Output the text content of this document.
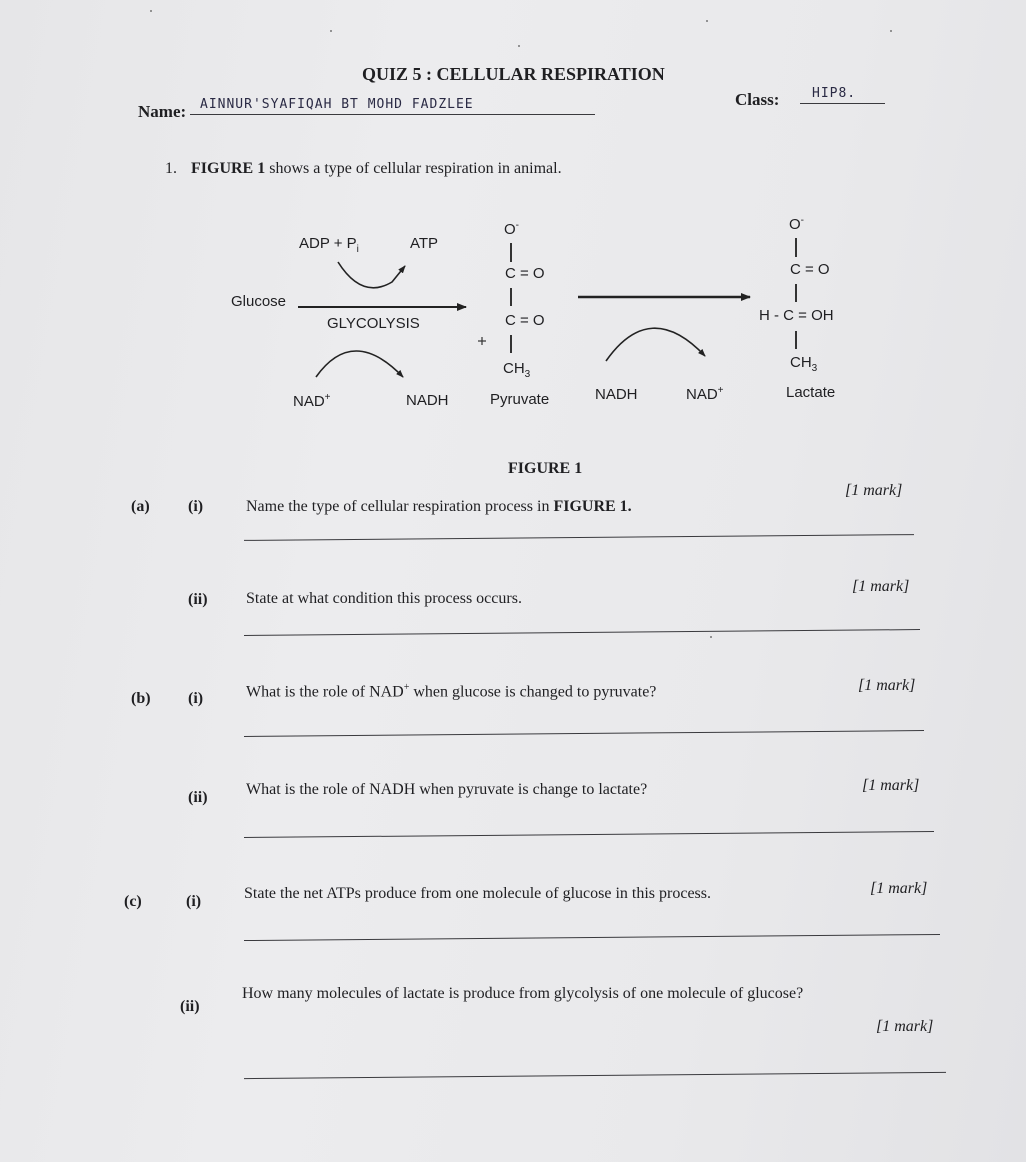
QUIZ 5 : CELLULAR RESPIRATION
Name: AINNUR'SYAFIQAH BT MOHD FADZLEE	Class:	HIP8.
1. FIGURE 1 shows a type of cellular respiration in animal.
ADP + $P_i$	ATP
Glucose
GLYCOLYSIS
NAD+	NADH	Pyruvate	NADH	NAD+	Lactate
O-
C = O
C = O
$CH_3$
O-
C = O
H - C = OH
$CH_3$
FIGURE 1
(a) (i)	Name the type of cellular respiration process in FIGURE 1.
[1 mark]
(ii) State at what condition this process occurs.
[1 mark]
(b) (i)	What is the role of NAD+ when glucose is changed to pyruvate?	[1 mark]
(ii) What is the role of NADH when pyruvate is change to lactate?	[1 mark]
(c)	(i)	State the net ATPs produce from one molecule of glucose in this process.	[1 mark]
(ii)
How many molecules of lactate is produce from glycolysis of one molecule of glucose?
[1 mark]
